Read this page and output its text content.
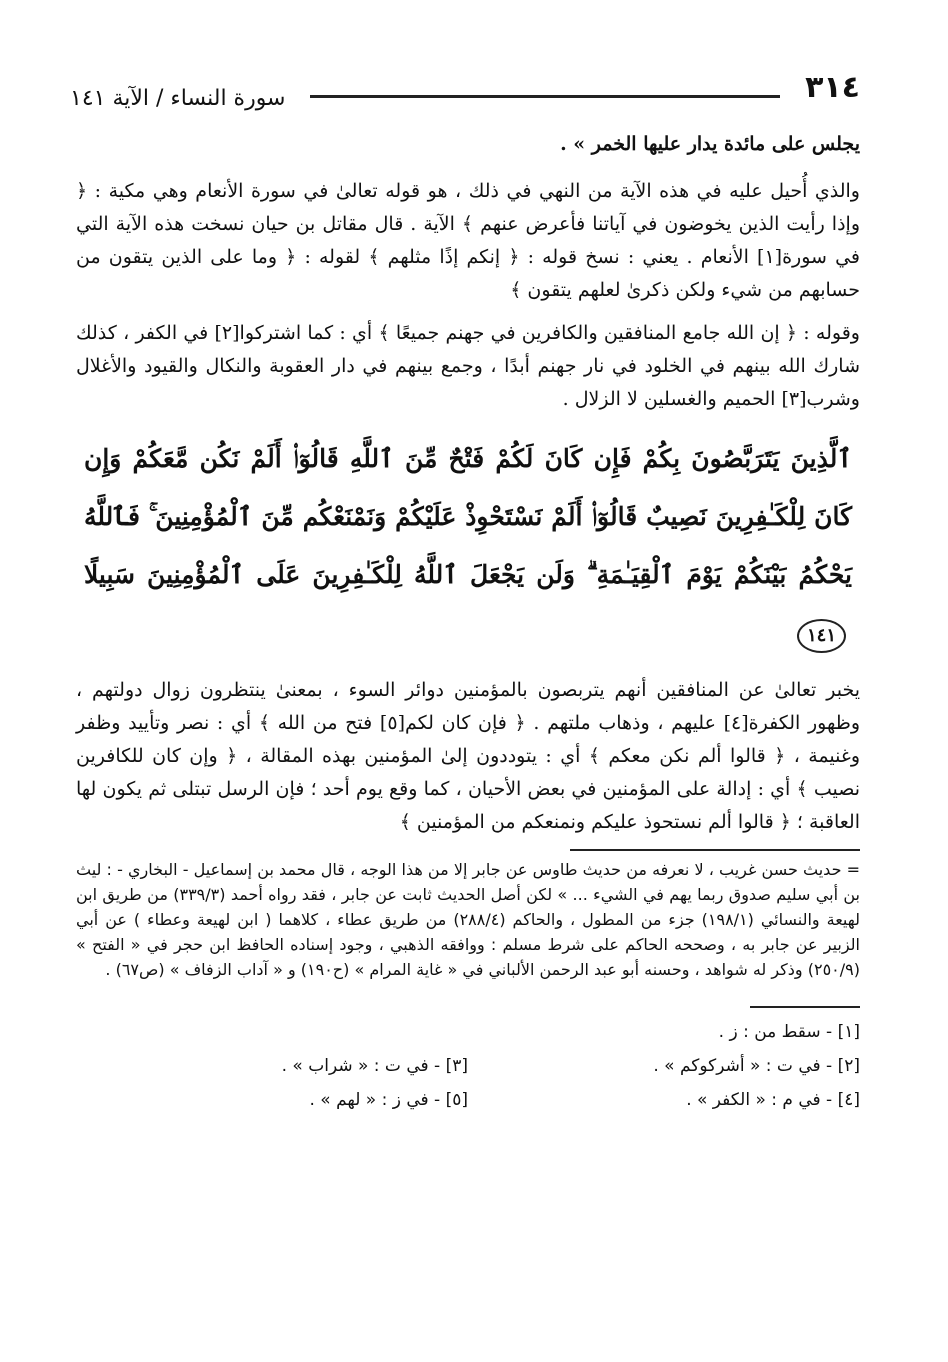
٣١٤
سورة النساء / الآية ١٤١

يجلس على مائدة يدار عليها الخمر » .

والذي أُحيل عليه في هذه الآية من النهي في ذلك ، هو قوله تعالىٰ في سورة الأنعام وهي مكية : ﴿ وإذا رأيت الذين يخوضون في آياتنا فأعرض عنهم ﴾ الآية . قال مقاتل بن حيان نسخت هذه الآية التي في سورة[١] الأنعام . يعني : نسخ قوله : ﴿ إنكم إذًا مثلهم ﴾ لقوله : ﴿ وما على الذين يتقون من حسابهم من شيء ولكن ذكرىٰ لعلهم يتقون ﴾

وقوله : ﴿ إن الله جامع المنافقين والكافرين في جهنم جميعًا ﴾ أي : كما اشتركوا[٢] في الكفر ، كذلك شارك الله بينهم في الخلود في نار جهنم أبدًا ، وجمع بينهم في دار العقوبة والنكال والقيود والأغلال وشرب[٣] الحميم والغسلين لا الزلال .

ٱلَّذِينَ يَتَرَبَّصُونَ بِكُمْ فَإِن كَانَ لَكُمْ فَتْحٌ مِّنَ ٱللَّهِ قَالُوٓا۟ أَلَمْ نَكُن مَّعَكُمْ وَإِن كَانَ لِلْكَـٰفِرِينَ نَصِيبٌ قَالُوٓا۟ أَلَمْ نَسْتَحْوِذْ عَلَيْكُمْ وَنَمْنَعْكُم مِّنَ ٱلْمُؤْمِنِينَ ۚ فَٱللَّهُ يَحْكُمُ بَيْنَكُمْ يَوْمَ ٱلْقِيَـٰمَةِ ۗ وَلَن يَجْعَلَ ٱللَّهُ لِلْكَـٰفِرِينَ عَلَى ٱلْمُؤْمِنِينَ سَبِيلًا ١٤١

يخبر تعالىٰ عن المنافقين أنهم يتربصون بالمؤمنين دوائر السوء ، بمعنىٰ ينتظرون زوال دولتهم ، وظهور الكفرة[٤] عليهم ، وذهاب ملتهم . ﴿ فإن كان لكم[٥] فتح من الله ﴾ أي : نصر وتأييد وظفر وغنيمة ، ﴿ قالوا ألم نكن معكم ﴾ أي : يتوددون إلىٰ المؤمنين بهذه المقالة ، ﴿ وإن كان للكافرين نصيب ﴾ أي : إدالة على المؤمنين في بعض الأحيان ، كما وقع يوم أحد ؛ فإن الرسل تبتلى ثم يكون لها العاقبة ؛ ﴿ قالوا ألم نستحوذ عليكم ونمنعكم من المؤمنين ﴾

= حديث حسن غريب ، لا نعرفه من حديث طاوس عن جابر إلا من هذا الوجه ، قال محمد بن إسماعيل - البخاري - : ليث بن أبي سليم صدوق ربما يهم في الشيء ... » لكن أصل الحديث ثابت عن جابر ، فقد رواه أحمد (٣٣٩/٣) من طريق ابن لهيعة والنسائي (١٩٨/١) جزء من المطول ، والحاكم (٢٨٨/٤) من طريق عطاء ، كلاهما ( ابن لهيعة وعطاء ) عن أبي الزبير عن جابر به ، وصححه الحاكم على شرط مسلم : ووافقه الذهبي ، وجود إسناده الحافظ ابن حجر في « الفتح » (٢٥٠/٩) وذكر له شواهد ، وحسنه أبو عبد الرحمن الألباني في « غاية المرام » (ح١٩٠) و « آداب الزفاف » (ص٦٧) .
[١] - سقط من : ز .
[٢] - في ت : « أشركوكم » .
[٣] - في ت : « شراب » .
[٤] - في م : « الكفر » .
[٥] - في ز : « لهم » .
